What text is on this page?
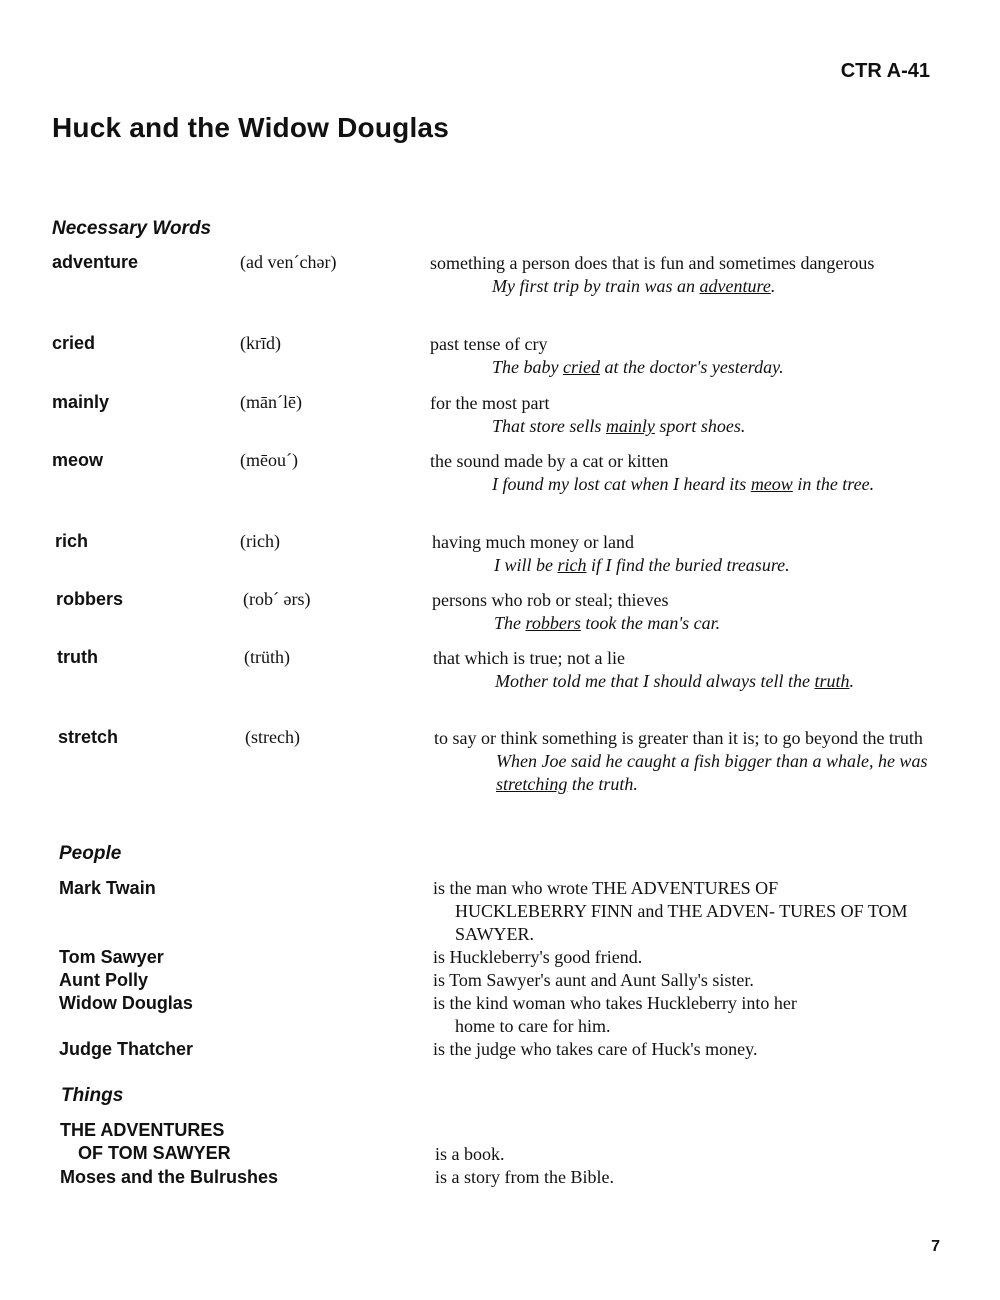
CTR A-41
Huck and the Widow Douglas
Necessary Words
adventure	(ad ven´chər)	something a person does that is fun and sometimes dangerous
My first trip by train was an adventure.
cried	(krīd)	past tense of cry
The baby cried at the doctor's yesterday.
mainly	(mān´lē)	for the most part
That store sells mainly sport shoes.
meow	(mēou´)	the sound made by a cat or kitten
I found my lost cat when I heard its meow in the tree.
rich	(rich)	having much money or land
I will be rich if I find the buried treasure.
robbers	(rob´ ərs)	persons who rob or steal; thieves
The robbers took the man's car.
truth	(trüth)	that which is true; not a lie
Mother told me that I should always tell the truth.
stretch	(strech)	to say or think something is greater than it is; to go beyond the truth
When Joe said he caught a fish bigger than a whale, he was stretching the truth.
People
Mark Twain	is the man who wrote THE ADVENTURES OF
HUCKLEBERRY FINN and THE ADVEN- TURES OF TOM SAWYER.
Tom Sawyer	is Huckleberry's good friend.
Aunt Polly	is Tom Sawyer's aunt and Aunt Sally's sister.
Widow Douglas	is the kind woman who takes Huckleberry into her
home to care for him.
Judge Thatcher	is the judge who takes care of Huck's money.
Things
THE ADVENTURES
OF TOM SAWYER	is a book.
Moses and the Bulrushes	is a story from the Bible.
7
